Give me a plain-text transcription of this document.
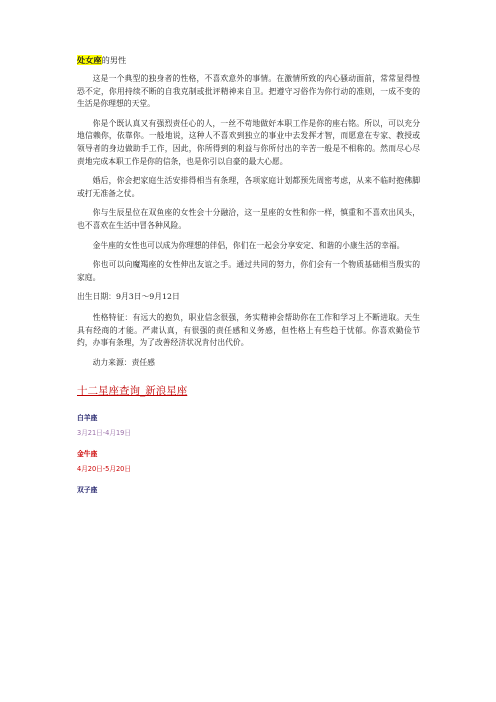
处女座的男性

这是一个典型的独身者的性格，不喜欢意外的事情。在激情所致的内心骚动面前，常常显得惶恐不定，你用持续不断的自我克制或批评精神来自卫。把遵守习俗作为你行动的准则，一成不变的生活是你理想的天堂。

你是个既认真又有强烈责任心的人，一丝不苟地做好本职工作是你的座右铭。所以，可以充分地信赖你，依靠你。一般地说，这种人不喜欢到独立的事业中去发挥才智，而愿意在专家、教授或领导者的身边做助手工作，因此，你所得到的利益与你所付出的辛苦一般是不相称的。然而尽心尽责地完成本职工作是你的信条，也是你引以自豪的最大心愿。

婚后，你会把家庭生活安排得相当有条理，各项家庭计划都预先周密考虑，从来不临时抱佛脚或打无准备之仗。

你与生辰星位在双鱼座的女性会十分融洽，这一星座的女性和你一样，慎重和不喜欢出风头，也不喜欢在生活中冒各种风险。

金牛座的女性也可以成为你理想的伴侣，你们在一起会分享安定、和谐的小康生活的幸福。

你也可以向魔羯座的女性伸出友谊之手。通过共同的努力，你们会有一个物质基础相当殷实的家庭。

出生日期：9月3日～9月12日

性格特征：有远大的抱负，职业信念很强，务实精神会帮助你在工作和学习上不断进取。天生具有经商的才能。严肃认真，有很强的责任感和义务感，但性格上有些趋于忧郁。你喜欢勤俭节约，办事有条理，为了改善经济状况肯付出代价。

动力来源：责任感

十二星座查询_新浪星座
白羊座
3月21日-4月19日
金牛座
4月20日-5月20日
双子座
